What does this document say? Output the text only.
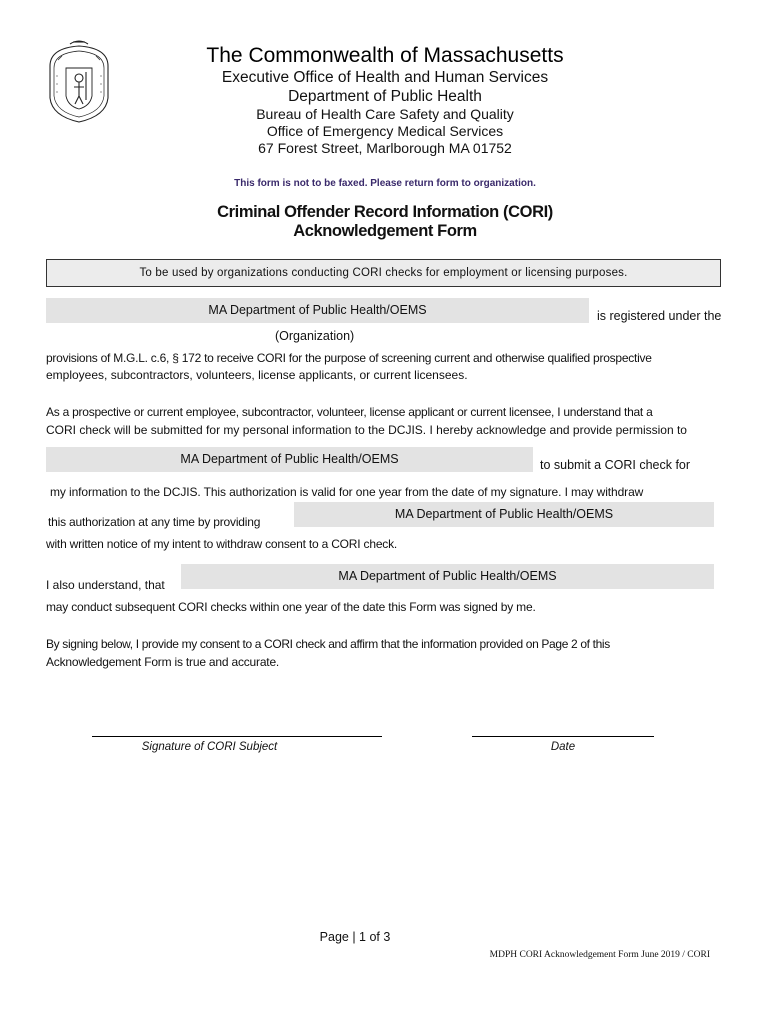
The Commonwealth of Massachusetts
Executive Office of Health and Human Services
Department of Public Health
Bureau of Health Care Safety and Quality
Office of Emergency Medical Services
67 Forest Street, Marlborough MA 01752
This form is not to be faxed. Please return form to organization.
Criminal Offender Record Information (CORI)
Acknowledgement Form
To be used by organizations conducting CORI checks for employment or licensing purposes.
MA Department of Public Health/OEMS	is registered under the
(Organization)
provisions of M.G.L. c.6, § 172 to receive CORI for the purpose of screening current and otherwise qualified prospective
employees, subcontractors, volunteers, license applicants, or current licensees.
As a prospective or current employee, subcontractor, volunteer, license applicant or current licensee, I understand that a
CORI check will be submitted for my personal information to the DCJIS. I hereby acknowledge and provide permission to
MA Department of Public Health/OEMS	to submit a CORI check for
my information to the DCJIS. This authorization is valid for one year from the date of my signature. I may withdraw
this authorization at any time by providing
MA Department of Public Health/OEMS
with written notice of my intent to withdraw consent to a CORI check.
I also understand, that
MA Department of Public Health/OEMS
may conduct subsequent CORI checks within one year of the date this Form was signed by me.
By signing below, I provide my consent to a CORI check and affirm that the information provided on Page 2 of this
Acknowledgement Form is true and accurate.
Signature of CORI Subject	Date
Page | 1 of 3
MDPH CORI Acknowledgement Form June 2019 / CORI
